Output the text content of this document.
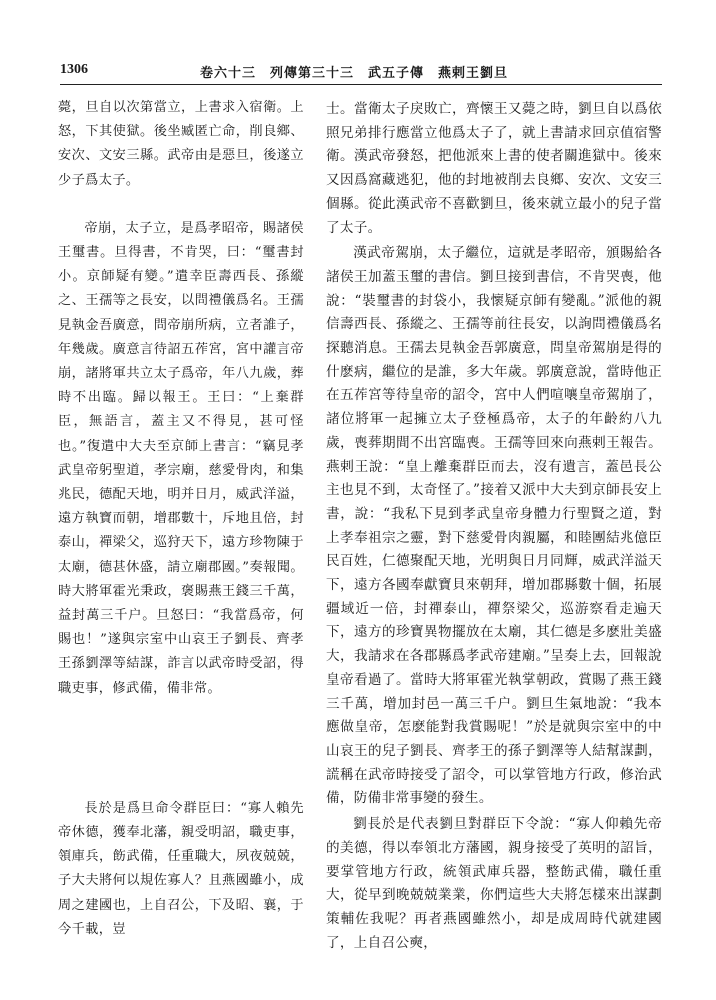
1306	卷六十三　列傳第三十三　武五子傳　燕剌王劉旦

薨，旦自以次第當立，上書求入宿衛。上怒，下其使獄。後坐臧匿亡命，削良鄉、安次、文安三縣。武帝由是惡旦，後遂立少子爲太子。

帝崩，太子立，是爲孝昭帝，賜諸侯王璽書。旦得書，不肯哭，曰：“璽書封小。京師疑有變。”遣幸臣壽西長、孫縱之、王孺等之長安，以問禮儀爲名。王孺見執金吾廣意，問帝崩所病，立者誰子，年幾歲。廣意言待詔五莋宮，宮中讙言帝崩，諸將軍共立太子爲帝，年八九歲，葬時不出臨。歸以報王。王曰：“上棄群臣，無語言，蓋主又不得見，甚可怪也。”復遣中大夫至京師上書言：“竊見孝武皇帝躬聖道，孝宗廟，慈愛骨肉，和集兆民，德配天地，明并日月，威武洋溢，遠方執寶而朝，增郡數十，斥地且倍，封泰山，禪梁父，巡狩天下，遠方珍物陳于太廟，德甚休盛，請立廟郡國。”奏報聞。時大將軍霍光秉政，褒賜燕王錢三千萬，益封萬三千户。旦怒曰：“我當爲帝，何賜也！”遂與宗室中山哀王子劉長、齊孝王孫劉澤等結謀，詐言以武帝時受詔，得職吏事，修武備，備非常。

長於是爲旦命令群臣曰：“寡人賴先帝休德，獲奉北藩，親受明詔，職吏事，領庫兵，飭武備，任重職大，夙夜兢兢，子大夫將何以規佐寡人？且燕國雖小，成周之建國也，上自召公，下及昭、襄，于今千載，豈

士。當衛太子戾敗亡，齊懷王又薨之時，劉旦自以爲依照兄弟排行應當立他爲太子了，就上書請求回京值宿警衛。漢武帝發怒，把他派來上書的使者關進獄中。後來又因爲窩藏逃犯，他的封地被削去良鄉、安次、文安三個縣。從此漢武帝不喜歡劉旦，後來就立最小的兒子當了太子。

漢武帝駕崩，太子繼位，這就是孝昭帝，頒賜給各諸侯王加蓋玉璽的書信。劉旦接到書信，不肯哭喪，他說：“裝璽書的封袋小，我懷疑京師有變亂。”派他的親信壽西長、孫縱之、王孺等前往長安，以詢問禮儀爲名探聽消息。王孺去見執金吾郭廣意，問皇帝駕崩是得的什麽病，繼位的是誰，多大年歲。郭廣意說，當時他正在五莋宮等待皇帝的詔令，宮中人們喧嚷皇帝駕崩了，諸位將軍一起擁立太子登極爲帝，太子的年齡約八九歲，喪葬期間不出宮臨喪。王孺等回來向燕剌王報告。燕剌王說：“皇上離棄群臣而去，沒有遺言，蓋邑長公主也見不到，太奇怪了。”接着又派中大夫到京師長安上書，說：“我私下見到孝武皇帝身體力行聖賢之道，對上孝奉祖宗之靈，對下慈愛骨肉親屬，和睦團結兆億臣民百姓，仁德聚配天地，光明與日月同輝，威武洋溢天下，遠方各國奉獻寶貝來朝拜，增加郡縣數十個，拓展疆域近一倍，封禪泰山，禪祭梁父，巡游察看走遍天下，遠方的珍寶異物擺放在太廟，其仁德是多麽壯美盛大，我請求在各郡縣爲孝武帝建廟。”呈奏上去，回報說皇帝看過了。當時大將軍霍光執掌朝政，賞賜了燕王錢三千萬，增加封邑一萬三千户。劉旦生氣地說：“我本應做皇帝，怎麽能對我賞賜呢！”於是就與宗室中的中山哀王的兒子劉長、齊孝王的孫子劉澤等人結幫謀劃，謊稱在武帝時接受了詔令，可以掌管地方行政，修治武備，防備非常事變的發生。

劉長於是代表劉旦對群臣下令說：“寡人仰賴先帝的美德，得以奉領北方藩國，親身接受了英明的詔旨，要掌管地方行政，統領武庫兵器，整飭武備，職任重大，從早到晚兢兢業業，你們這些大夫將怎樣來出謀劃策輔佐我呢？再者燕國雖然小，却是成周時代就建國了，上自召公奭，
